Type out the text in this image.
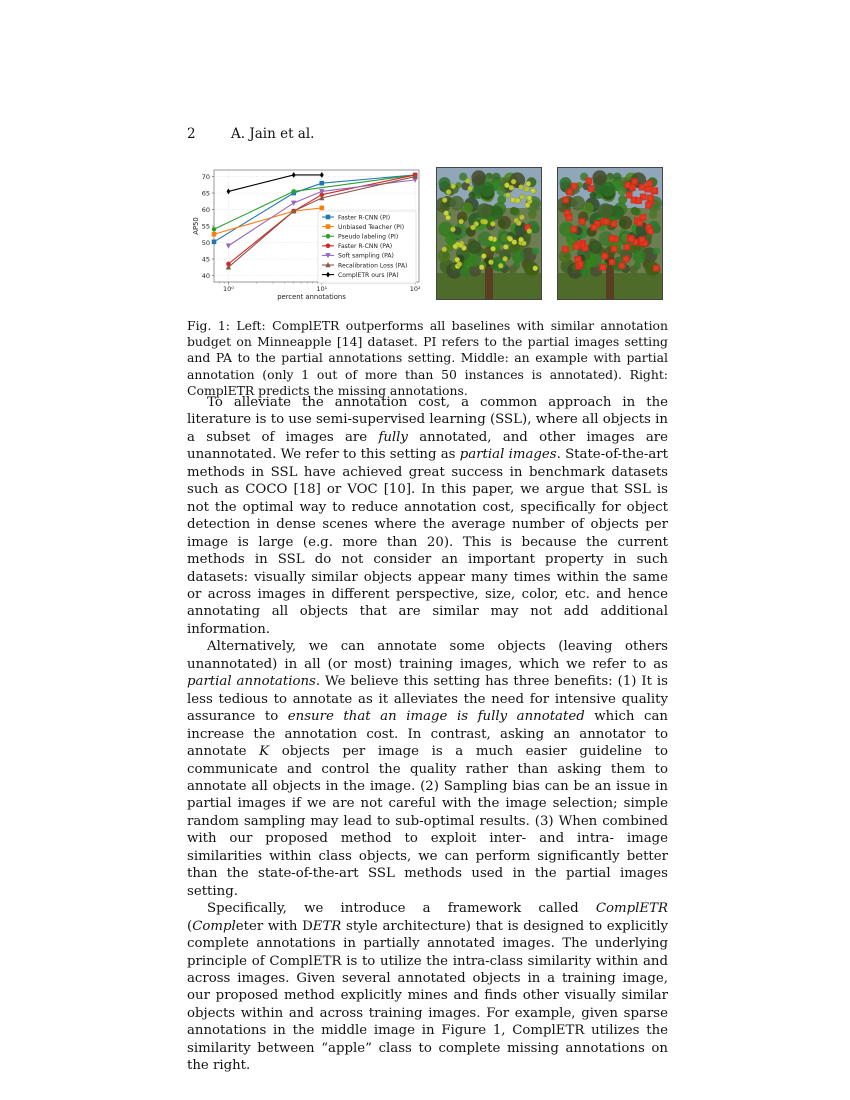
2	A. Jain et al.
40
45
50
55
60
65
70
10⁰	10¹	10²
percent annotations
AP50	Faster R-CNN (PI)
Unbiased Teacher (PI)
Pseudo labeling (PI)
Faster R-CNN (PA)
Soft sampling (PA)
Recalibration Loss (PA)
ComplETR ours (PA)
Fig. 1: Left: ComplETR outperforms all baselines with similar annotation budget on Minneapple [14] dataset. PI refers to the partial images setting and PA to the partial annotations setting. Middle: an example with partial annotation (only 1 out of more than 50 instances is annotated). Right: ComplETR predicts the missing annotations.

To alleviate the annotation cost, a common approach in the literature is to use semi-supervised learning (SSL), where all objects in a subset of images are fully annotated, and other images are unannotated. We refer to this setting as partial images. State-of-the-art methods in SSL have achieved great success in benchmark datasets such as COCO [18] or VOC [10]. In this paper, we argue that SSL is not the optimal way to reduce annotation cost, specifically for object detection in dense scenes where the average number of objects per image is large (e.g. more than 20). This is because the current methods in SSL do not consider an important property in such datasets: visually similar objects appear many times within the same or across images in different perspective, size, color, etc. and hence annotating all objects that are similar may not add additional information.

Alternatively, we can annotate some objects (leaving others unannotated) in all (or most) training images, which we refer to as partial annotations. We believe this setting has three benefits: (1) It is less tedious to annotate as it alleviates the need for intensive quality assurance to ensure that an image is fully annotated which can increase the annotation cost. In contrast, asking an annotator to annotate K objects per image is a much easier guideline to communicate and control the quality rather than asking them to annotate all objects in the image. (2) Sampling bias can be an issue in partial images if we are not careful with the image selection; simple random sampling may lead to sub-optimal results. (3) When combined with our proposed method to exploit inter- and intra- image similarities within class objects, we can perform significantly better than the state-of-the-art SSL methods used in the partial images setting.

Specifically, we introduce a framework called ComplETR (Completer with DETR style architecture) that is designed to explicitly complete annotations in partially annotated images. The underlying principle of ComplETR is to utilize the intra-class similarity within and across images. Given several annotated objects in a training image, our proposed method explicitly mines and finds other visually similar objects within and across training images. For example, given sparse annotations in the middle image in Figure 1, ComplETR utilizes the similarity between “apple” class to complete missing annotations on the right.
